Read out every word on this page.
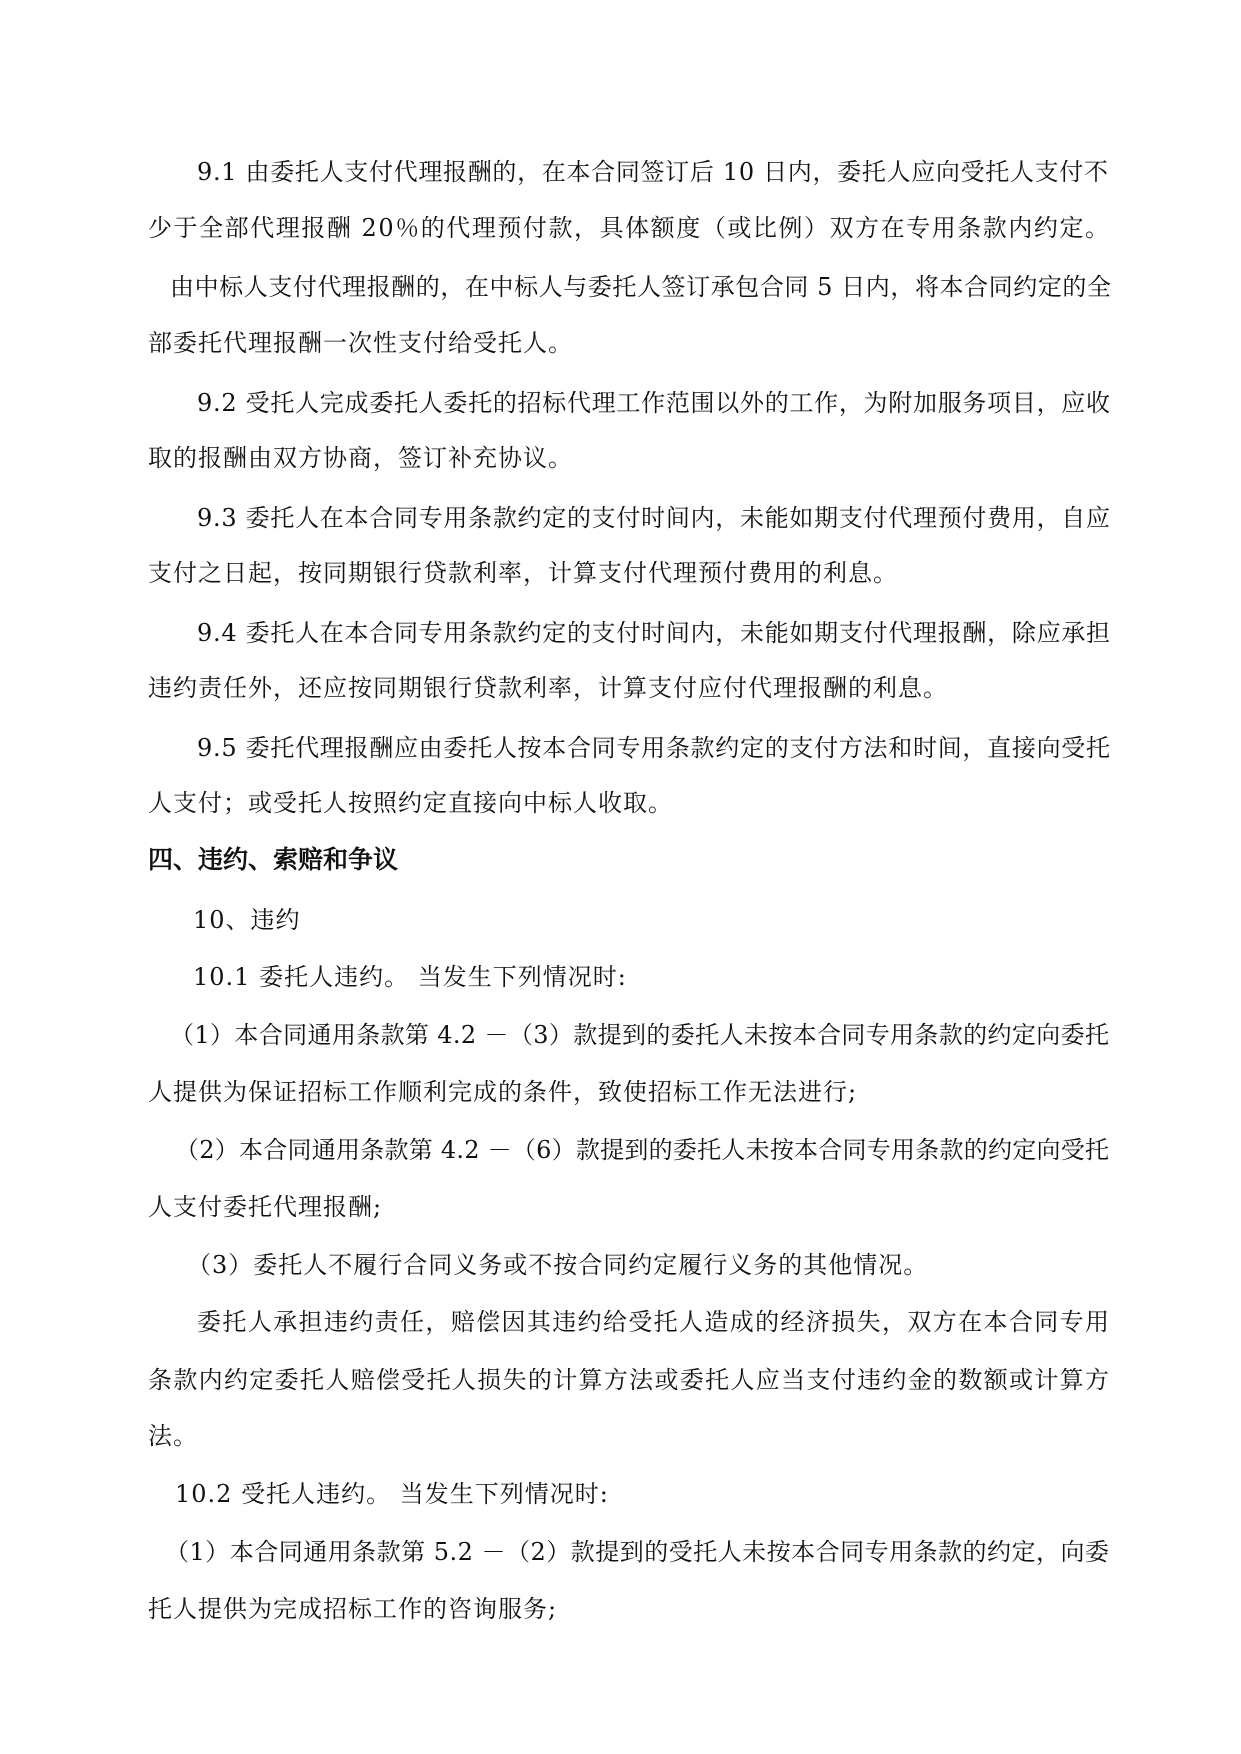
9.1 由委托人支付代理报酬的，在本合同签订后 10 日内，委托人应向受托人支付不
少于全部代理报酬 20％的代理预付款，具体额度（或比例）双方在专用条款内约定。
由中标人支付代理报酬的，在中标人与委托人签订承包合同 5 日内，将本合同约定的全
部委托代理报酬一次性支付给受托人。
9.2 受托人完成委托人委托的招标代理工作范围以外的工作，为附加服务项目，应收
取的报酬由双方协商，签订补充协议。
9.3 委托人在本合同专用条款约定的支付时间内，未能如期支付代理预付费用，自应
支付之日起，按同期银行贷款利率，计算支付代理预付费用的利息。
9.4 委托人在本合同专用条款约定的支付时间内，未能如期支付代理报酬，除应承担
违约责任外，还应按同期银行贷款利率，计算支付应付代理报酬的利息。
9.5 委托代理报酬应由委托人按本合同专用条款约定的支付方法和时间，直接向受托
人支付；或受托人按照约定直接向中标人收取。
四、违约、索赔和争议
10、违约
10.1 委托人违约。 当发生下列情况时:
（1）本合同通用条款第 4.2 －（3）款提到的委托人未按本合同专用条款的约定向委托
人提供为保证招标工作顺利完成的条件，致使招标工作无法进行;
（2）本合同通用条款第 4.2 －（6）款提到的委托人未按本合同专用条款的约定向受托
人支付委托代理报酬;
（3）委托人不履行合同义务或不按合同约定履行义务的其他情况。
委托人承担违约责任，赔偿因其违约给受托人造成的经济损失，双方在本合同专用
条款内约定委托人赔偿受托人损失的计算方法或委托人应当支付违约金的数额或计算方
法。
10.2 受托人违约。 当发生下列情况时:
（1）本合同通用条款第 5.2 －（2）款提到的受托人未按本合同专用条款的约定，向委
托人提供为完成招标工作的咨询服务;
